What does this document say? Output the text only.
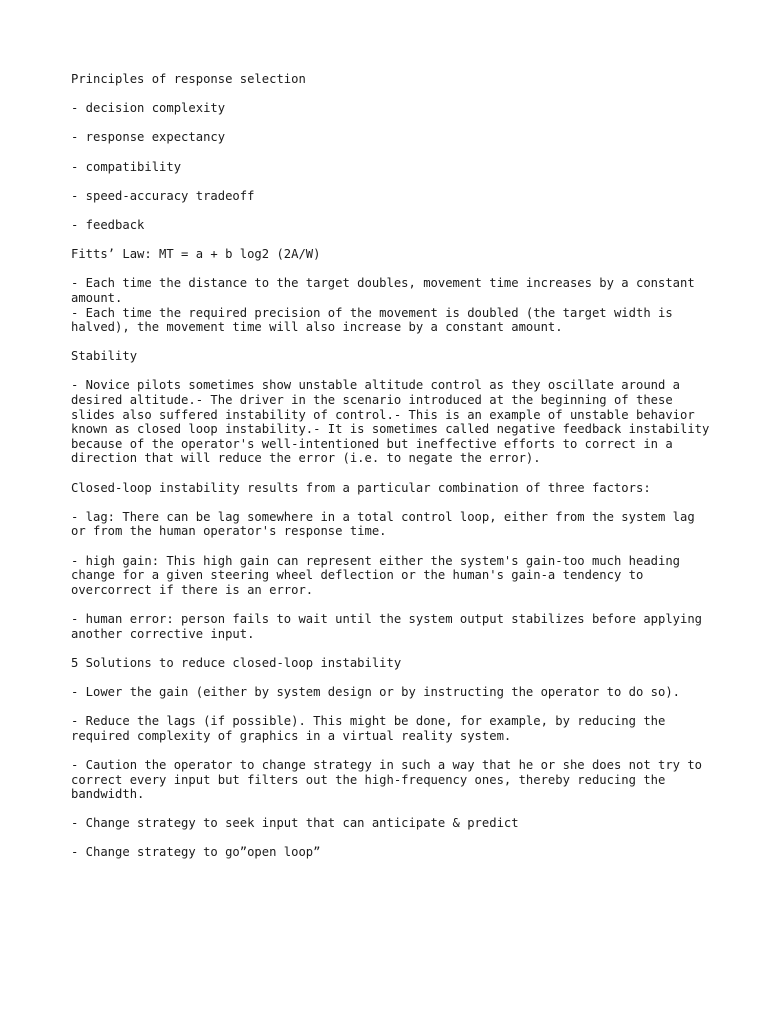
Principles of response selection

- decision complexity

- response expectancy

- compatibility

- speed-accuracy tradeoff

- feedback

Fitts’ Law: MT = a + b log2 (2A/W)

- Each time the distance to the target doubles, movement time increases by a constant amount.

- Each time the required precision of the movement is doubled (the target width is halved), the movement time will also increase by a constant amount.

Stability

- Novice pilots sometimes show unstable altitude control as they oscillate around a desired altitude.- The driver in the scenario introduced at the beginning of these slides also suffered instability of control.- This is an example of unstable behavior known as closed loop instability.- It is sometimes called negative feedback instability because of the operator's well-intentioned but ineffective efforts to correct in a direction that will reduce the error (i.e. to negate the error).

Closed-loop instability results from a particular combination of three factors:

- lag: There can be lag somewhere in a total control loop, either from the system lag or from the human operator's response time.

- high gain: This high gain can represent either the system's gain-too much heading change for a given steering wheel deflection or the human's gain-a tendency to overcorrect if there is an error.

- human error: person fails to wait until the system output stabilizes before applying another corrective input.

5 Solutions to reduce closed-loop instability

- Lower the gain (either by system design or by instructing the operator to do so).

- Reduce the lags (if possible). This might be done, for example, by reducing the required complexity of graphics in a virtual reality system.

- Caution the operator to change strategy in such a way that he or she does not try to correct every input but filters out the high-frequency ones, thereby reducing the bandwidth.

- Change strategy to seek input that can anticipate & predict

- Change strategy to go”open loop”
